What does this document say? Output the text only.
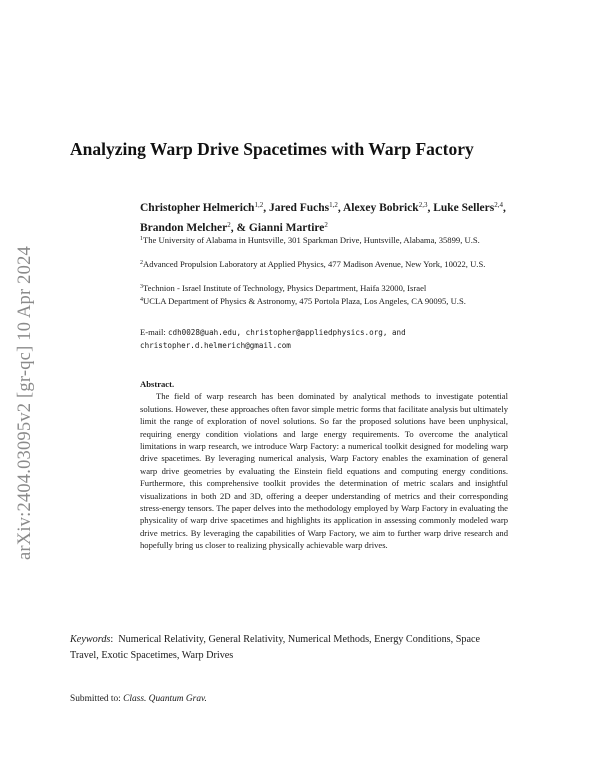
arXiv:2404.03095v2 [gr-qc] 10 Apr 2024
Analyzing Warp Drive Spacetimes with Warp Factory
Christopher Helmerich$^{1,2}$, Jared Fuchs$^{1,2}$, Alexey Bobrick$^{2,3}$, Luke Sellers$^{2,4}$, Brandon Melcher$^2$, & Gianni Martire$^2$
$^1$The University of Alabama in Huntsville, 301 Sparkman Drive, Huntsville, Alabama, 35899, U.S.
$^2$Advanced Propulsion Laboratory at Applied Physics, 477 Madison Avenue, New York, 10022, U.S.
$^3$Technion - Israel Institute of Technology, Physics Department, Haifa 32000, Israel
$^4$UCLA Department of Physics & Astronomy, 475 Portola Plaza, Los Angeles, CA 90095, U.S.
E-mail: cdh0028@uah.edu, christopher@appliedphysics.org, and
christopher.d.helmerich@gmail.com
Abstract.
The field of warp research has been dominated by analytical methods to investigate potential solutions. However, these approaches often favor simple metric forms that facilitate analysis but ultimately limit the range of exploration of novel solutions. So far the proposed solutions have been unphysical, requiring energy condition violations and large energy requirements. To overcome the analytical limitations in warp research, we introduce Warp Factory: a numerical toolkit designed for modeling warp drive spacetimes. By leveraging numerical analysis, Warp Factory enables the examination of general warp drive geometries by evaluating the Einstein field equations and computing energy conditions. Furthermore, this comprehensive toolkit provides the determination of metric scalars and insightful visualizations in both 2D and 3D, offering a deeper understanding of metrics and their corresponding stress-energy tensors. The paper delves into the methodology employed by Warp Factory in evaluating the physicality of warp drive spacetimes and highlights its application in assessing commonly modeled warp drive metrics. By leveraging the capabilities of Warp Factory, we aim to further warp drive research and hopefully bring us closer to realizing physically achievable warp drives.
Keywords:  Numerical Relativity, General Relativity, Numerical Methods, Energy Conditions, Space Travel, Exotic Spacetimes, Warp Drives
Submitted to: Class. Quantum Grav.
